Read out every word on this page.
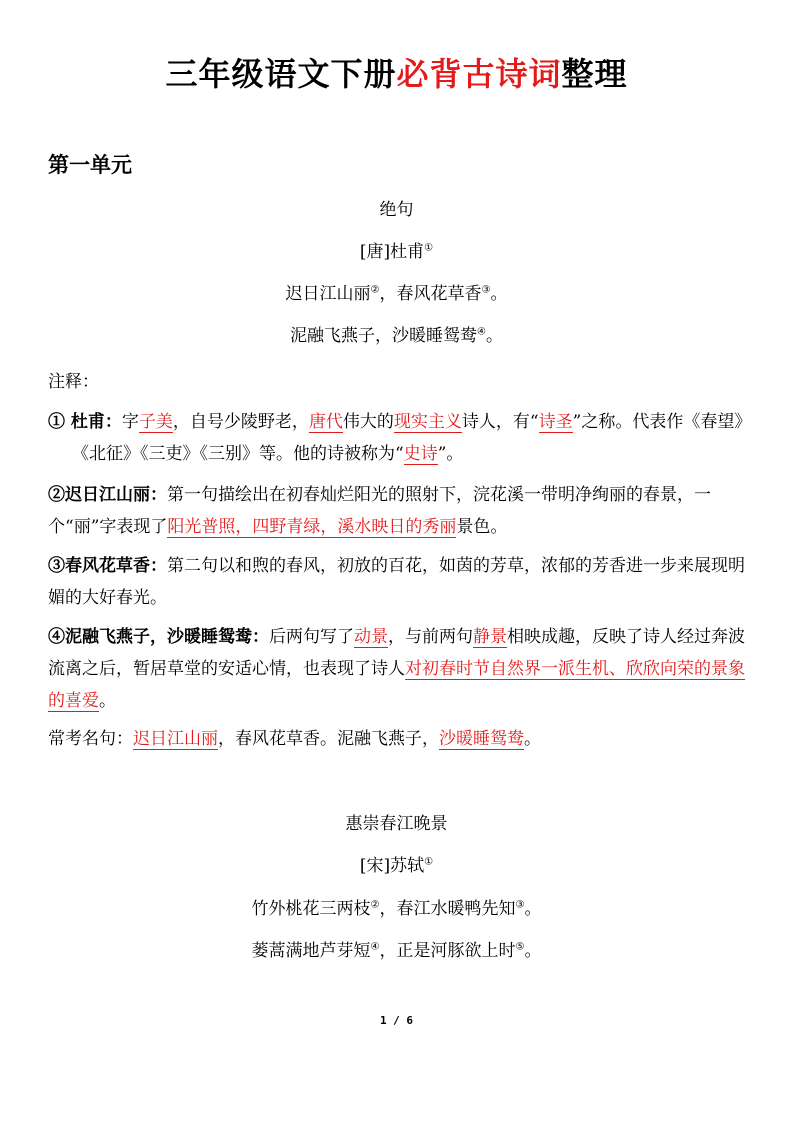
三年级语文下册必背古诗词整理
第一单元
绝句
[唐]杜甫①
迟日江山丽②，春风花草香③。
泥融飞燕子，沙暖睡鸳鸯④。
注释：
① 杜甫：字子美，自号少陵野老，唐代伟大的现实主义诗人，有“诗圣”之称。代表作《春望》《北征》《三吏》《三别》等。他的诗被称为“史诗”。
②迟日江山丽：第一句描绘出在初春灿烂阳光的照射下，浣花溪一带明净绚丽的春景，一个“丽”字表现了阳光普照，四野青绿，溪水映日的秀丽景色。
③春风花草香：第二句以和煦的春风，初放的百花，如茵的芳草，浓郁的芳香进一步来展现明媚的大好春光。
④泥融飞燕子，沙暖睡鸳鸯：后两句写了动景，与前两句静景相映成趣，反映了诗人经过奔波流离之后，暂居草堂的安适心情，也表现了诗人对初春时节自然界一派生机、欣欣向荣的景象的喜爱。
常考名句：迟日江山丽，春风花草香。泥融飞燕子，沙暖睡鸳鸯。
惠崇春江晚景
[宋]苏轼①
竹外桃花三两枝②，春江水暖鸭先知③。
蒌蒿满地芦芽短④，正是河豚欲上时⑤。
1 / 6
